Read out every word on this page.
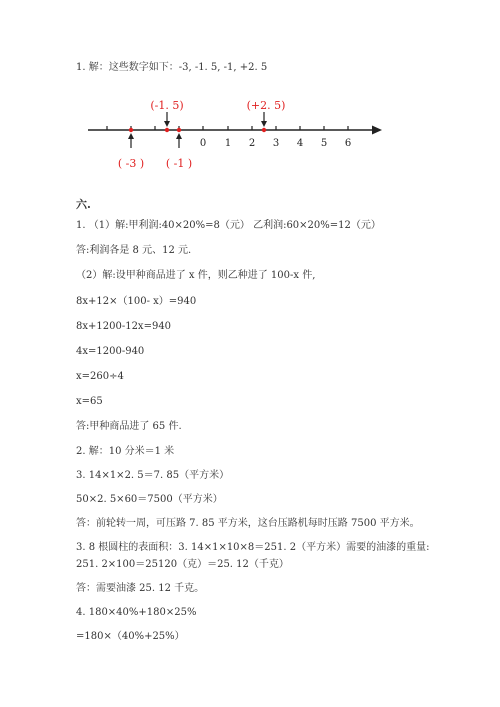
1. 解：这些数字如下：-3, -1. 5, -1, +2. 5
0 1 2 3 4 5 6
(-1. 5)	(+2. 5)
( -3 ) ( -1 )
六.
1. （1）解:甲利润:40×20%=8（元） 乙利润:60×20%=12（元）
答:利润各是 8 元、12 元.
（2）解:设甲种商品进了 x 件，则乙种进了 100-x 件,
8x+12×（100- x）=940
8x+1200-12x=940
4x=1200-940
x=260÷4
x=65
答:甲种商品进了 65 件.
2. 解：10 分米＝1 米
3. 14×1×2. 5＝7. 85（平方米）
50×2. 5×60＝7500（平方米）
答：前轮转一周，可压路 7. 85 平方米，这台压路机每时压路 7500 平方米。
3. 8 根圆柱的表面积：3. 14×1×10×8＝251. 2（平方米）需要的油漆的重量:
251. 2×100＝25120（克）＝25. 12（千克）
答：需要油漆 25. 12 千克。
4. 180×40%+180×25%
=180×（40%+25%）
